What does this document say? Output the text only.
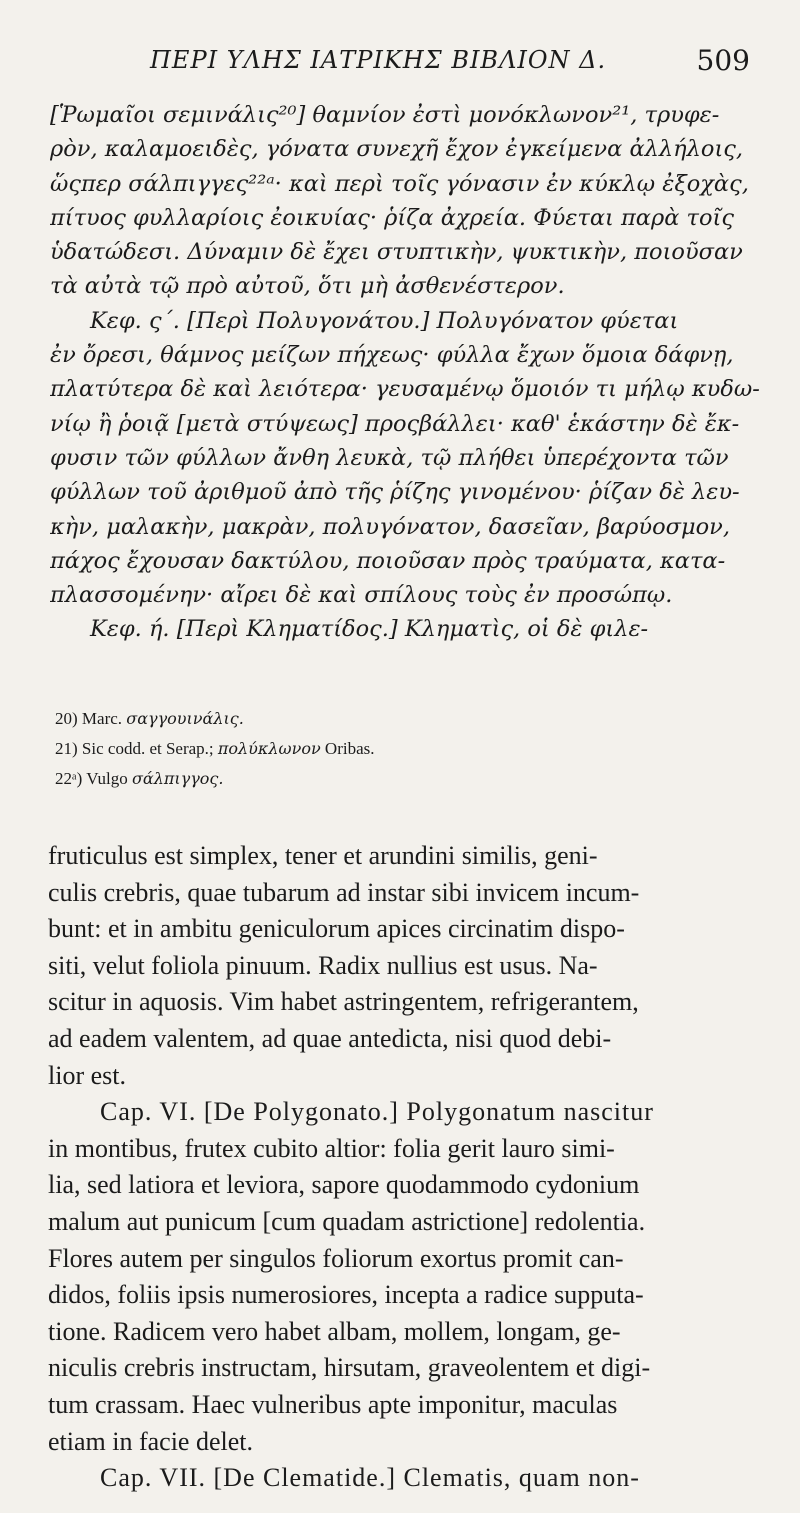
ΠΕΡΙ ΥΛΗΣ ΙΑΤΡΙΚΗΣ ΒΙΒΛΙΟΝ Δ.	509
[Ῥωμαῖοι σεμινάλις²⁰] θαμνίον ἐστὶ μονόκλωνον²¹, τρυφε-
ρὸν, καλαμοειδὲς, γόνατα συνεχῆ ἔχον ἐγκείμενα ἀλλήλοις,
ὥςπερ σάλπιγγες²²ᵃ· καὶ περὶ τοῖς γόνασιν ἐν κύκλῳ ἐξοχὰς,
πίτυος φυλλαρίοις ἐοικυίας· ῥίζα ἀχρεία. Φύεται παρὰ τοῖς
ὑδατώδεσι. Δύναμιν δὲ ἔχει στυπτικὴν, ψυκτικὴν, ποιοῦσαν
τὰ αὐτὰ τῷ πρὸ αὐτοῦ, ὅτι μὴ ἀσθενέστερον.
Κεφ. ς΄. [Περὶ Πολυγονάτου.] Πολυγόνατον φύεται
ἐν ὄρεσι, θάμνος μείζων πήχεως· φύλλα ἔχων ὅμοια δάφνῃ,
πλατύτερα δὲ καὶ λειότερα· γευσαμένῳ ὅμοιόν τι μήλῳ κυδω-
νίῳ ἢ ῥοιᾷ [μετὰ στύψεως] προςβάλλει· καθ' ἑκάστην δὲ ἔκ-
φυσιν τῶν φύλλων ἄνθη λευκὰ, τῷ πλήθει ὑπερέχοντα τῶν
φύλλων τοῦ ἀριθμοῦ ἀπὸ τῆς ῥίζης γινομένου· ῥίζαν δὲ λευ-
κὴν, μαλακὴν, μακρὰν, πολυγόνατον, δασεῖαν, βαρύοσμον,
πάχος ἔχουσαν δακτύλου, ποιοῦσαν πρὸς τραύματα, κατα-
πλασσομένην· αἴρει δὲ καὶ σπίλους τοὺς ἐν προσώπῳ.
Κεφ. ή. [Περὶ Κληματίδος.] Κληματὶς, οἱ δὲ φιλε-
20) Marc. σαγγουινάλις.
21) Sic codd. et Serap.; πολύκλωνον Oribas.
22ᵃ) Vulgo σάλπιγγος.
fruticulus est simplex, tener et arundini similis, geni-
culis crebris, quae tubarum ad instar sibi invicem incum-
bunt: et in ambitu geniculorum apices circinatim dispo-
siti, velut foliola pinuum. Radix nullius est usus. Na-
scitur in aquosis. Vim habet astringentem, refrigerantem,
ad eadem valentem, ad quae antedicta, nisi quod debi-
lior est.
Cap. VI. [De Polygonato.] Polygonatum nascitur
in montibus, frutex cubito altior: folia gerit lauro simi-
lia, sed latiora et leviora, sapore quodammodo cydonium
malum aut punicum [cum quadam astrictione] redolentia.
Flores autem per singulos foliorum exortus promit can-
didos, foliis ipsis numerosiores, incepta a radice supputa-
tione. Radicem vero habet albam, mollem, longam, ge-
niculis crebris instructam, hirsutam, graveolentem et digi-
tum crassam. Haec vulneribus apte imponitur, maculas
etiam in facie delet.
Cap. VII. [De Clematide.] Clematis, quam non-
